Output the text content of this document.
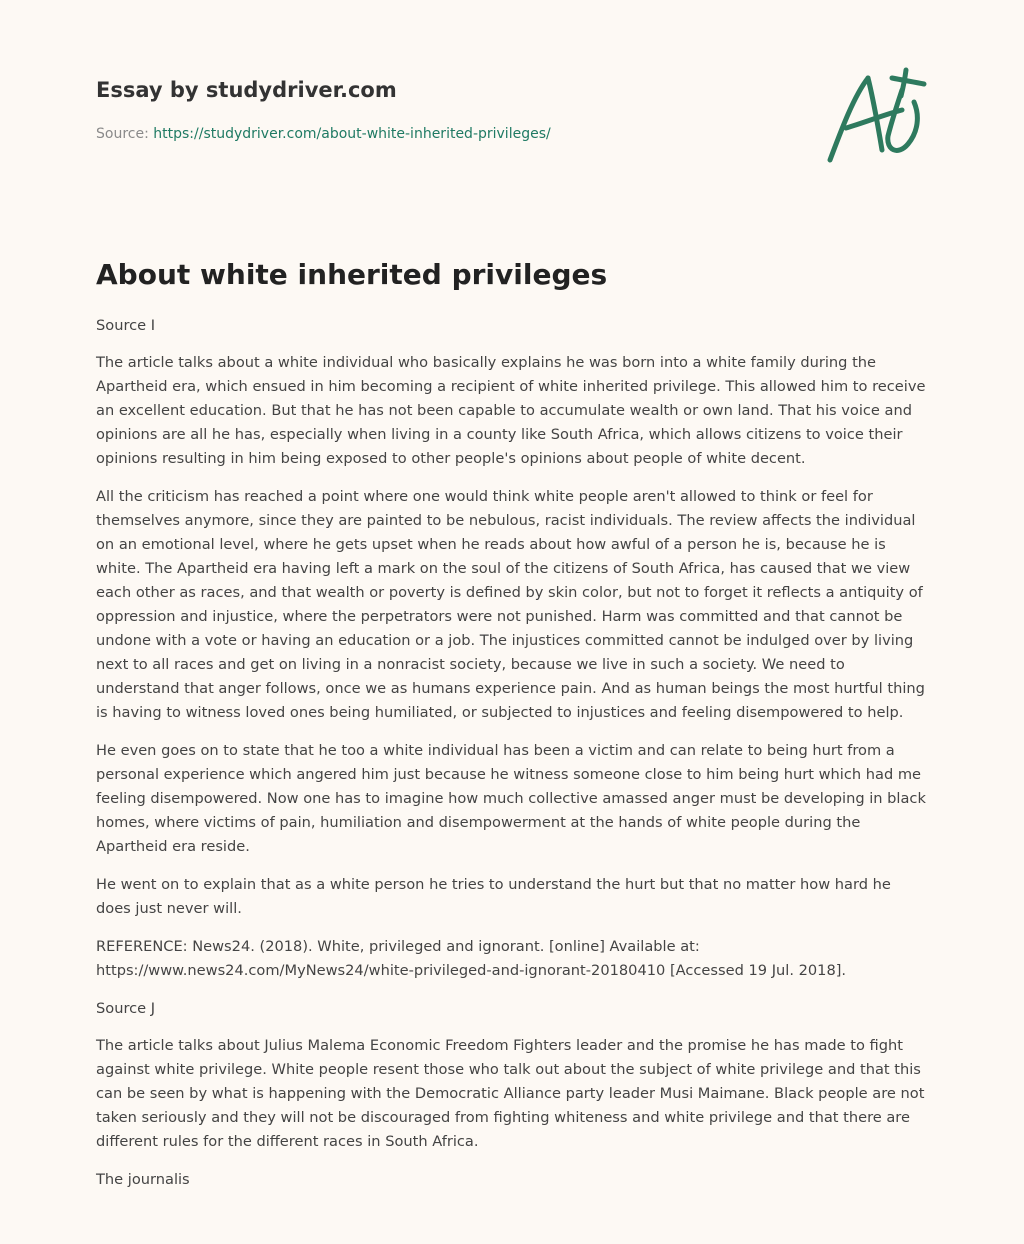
Essay by studydriver.com
Source: https://studydriver.com/about-white-inherited-privileges/
About white inherited privileges

Source I

The article talks about a white individual who basically explains he was born into a white family during the Apartheid era, which ensued in him becoming a recipient of white inherited privilege. This allowed him to receive an excellent education. But that he has not been capable to accumulate wealth or own land. That his voice and opinions are all he has, especially when living in a county like South Africa, which allows citizens to voice their opinions resulting in him being exposed to other people's opinions about people of white decent.

All the criticism has reached a point where one would think white people aren't allowed to think or feel for themselves anymore, since they are painted to be nebulous, racist individuals. The review affects the individual on an emotional level, where he gets upset when he reads about how awful of a person he is, because he is white. The Apartheid era having left a mark on the soul of the citizens of South Africa, has caused that we view each other as races, and that wealth or poverty is defined by skin color, but not to forget it reflects a antiquity of oppression and injustice, where the perpetrators were not punished. Harm was committed and that cannot be undone with a vote or having an education or a job. The injustices committed cannot be indulged over by living next to all races and get on living in a nonracist society, because we live in such a society. We need to understand that anger follows, once we as humans experience pain. And as human beings the most hurtful thing is having to witness loved ones being humiliated, or subjected to injustices and feeling disempowered to help.

He even goes on to state that he too a white individual has been a victim and can relate to being hurt from a personal experience which angered him just because he witness someone close to him being hurt which had me feeling disempowered. Now one has to imagine how much collective amassed anger must be developing in black homes, where victims of pain, humiliation and disempowerment at the hands of white people during the Apartheid era reside.

He went on to explain that as a white person he tries to understand the hurt but that no matter how hard he does just never will.

REFERENCE: News24. (2018). White, privileged and ignorant. [online] Available at:
https://www.news24.com/MyNews24/white-privileged-and-ignorant-20180410 [Accessed 19 Jul. 2018].

Source J

The article talks about Julius Malema Economic Freedom Fighters leader and the promise he has made to fight against white privilege. White people resent those who talk out about the subject of white privilege and that this can be seen by what is happening with the Democratic Alliance party leader Musi Maimane. Black people are not taken seriously and they will not be discouraged from fighting whiteness and white privilege and that there are different rules for the different races in South Africa.

The journalis
